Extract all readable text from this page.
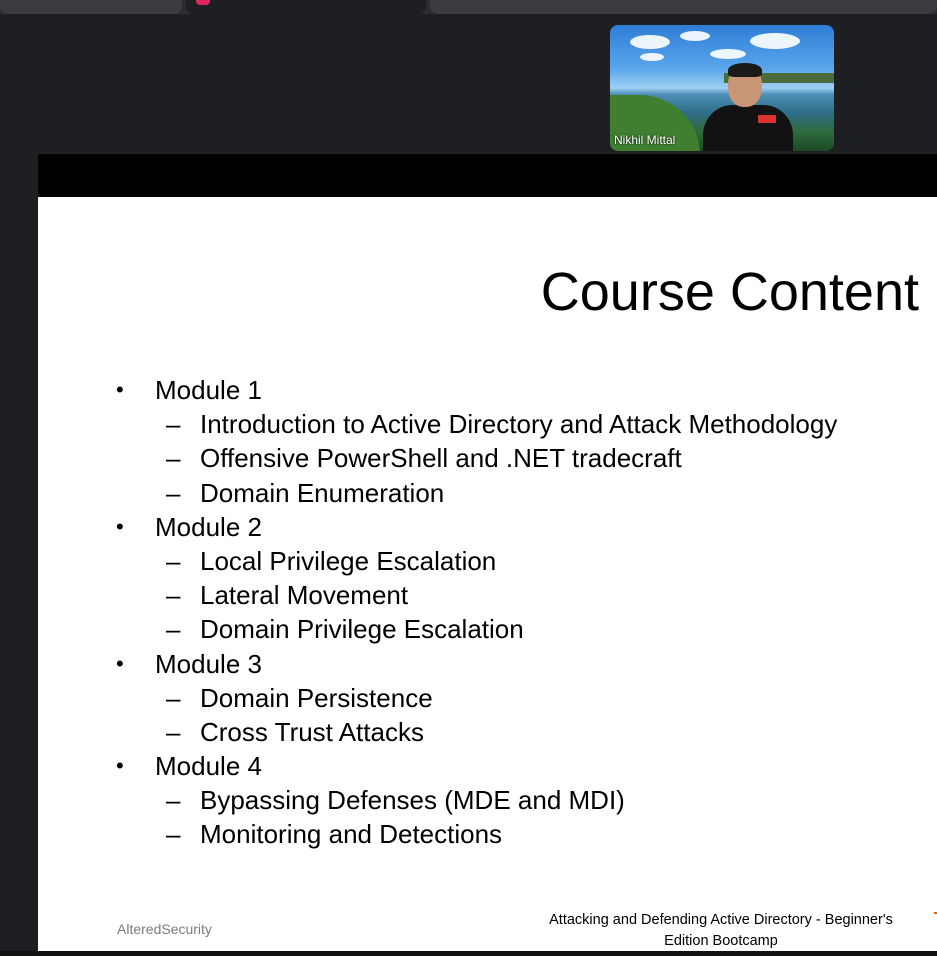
Nikhil Mittal
Course Content
• Module 1
– Introduction to Active Directory and Attack Methodology
– Offensive PowerShell and .NET tradecraft
– Domain Enumeration
• Module 2
– Local Privilege Escalation
– Lateral Movement
– Domain Privilege Escalation
• Module 3
– Domain Persistence
– Cross Trust Attacks
• Module 4
– Bypassing Defenses (MDE and MDI)
– Monitoring and Detections
AlteredSecurity
Attacking and Defending Active Directory - Beginner's Edition Bootcamp
